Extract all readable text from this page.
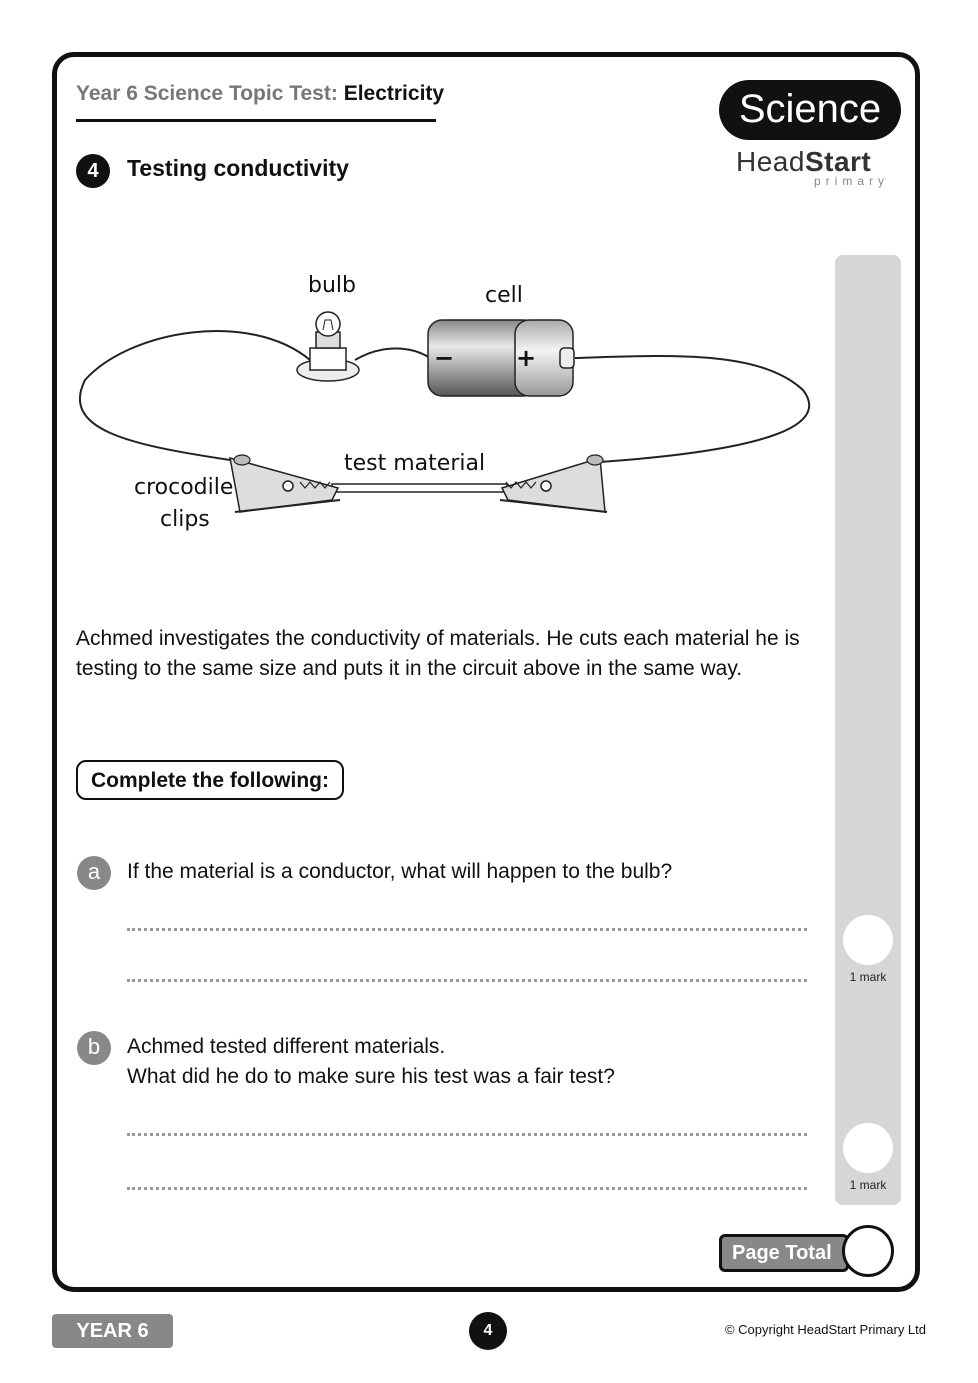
Year 6 Science Topic Test: Electricity	Science
HeadStart
primary
4	Testing conductivity
bulb
−	+
cell
test material
crocodile
clips
Achmed investigates the conductivity of materials. He cuts each material he is testing to the same size and puts it in the circuit above in the same way.
Complete the following:
a	If the material is a conductor, what will happen to the bulb?
b	Achmed tested different materials.
What did he do to make sure his test was a fair test?
1 mark
1 mark
Page Total
YEAR 6	4	© Copyright HeadStart Primary Ltd
